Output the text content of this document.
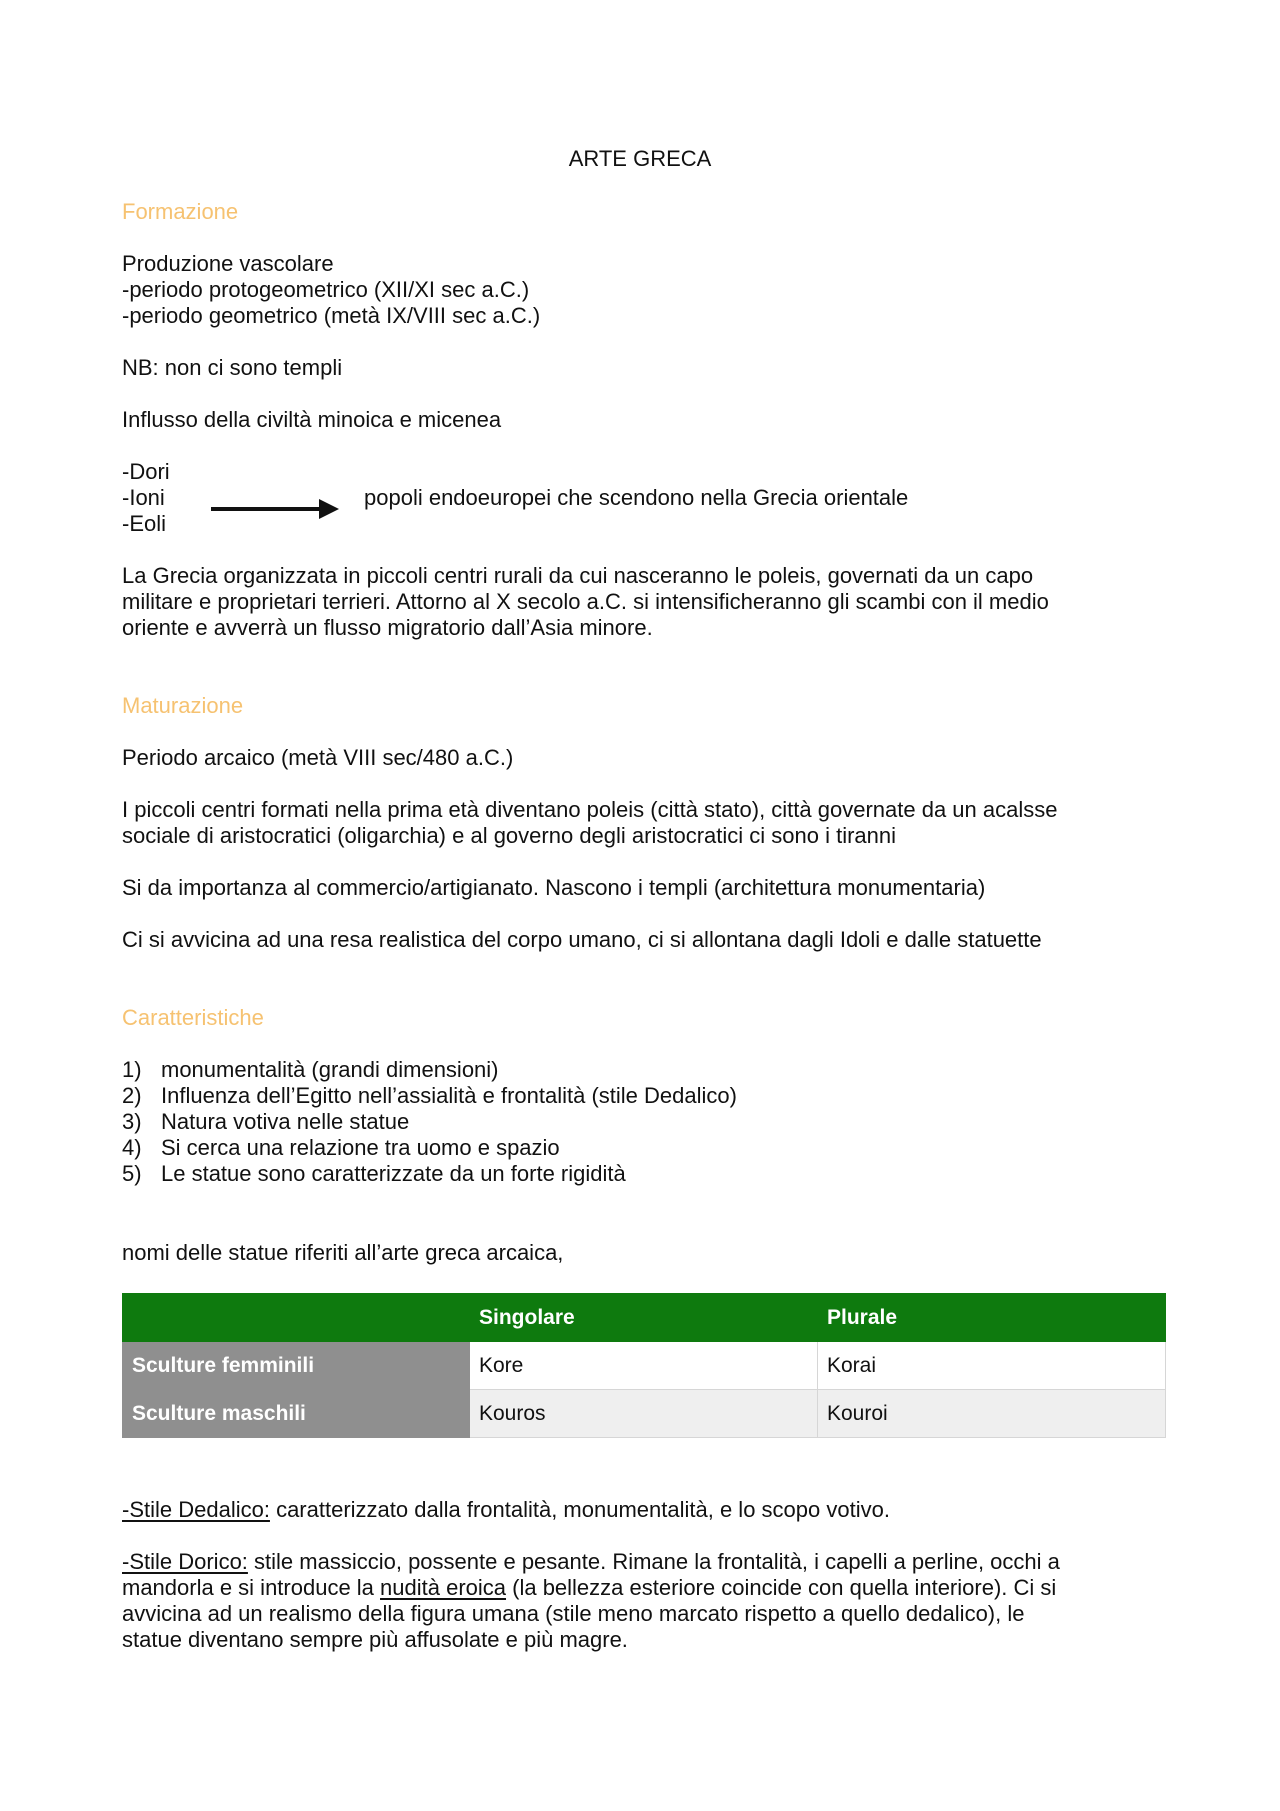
ARTE GRECA
Formazione
Produzione vascolare
-periodo protogeometrico (XII/XI sec a.C.)
-periodo geometrico (metà IX/VIII sec a.C.)
NB: non ci sono templi
Influsso della civiltà minoica e micenea
-Dori
-Ioni
-Eoli
popoli endoeuropei che scendono nella Grecia orientale
La Grecia organizzata in piccoli centri rurali da cui nasceranno le poleis, governati da un capo
militare e proprietari terrieri. Attorno al X secolo a.C. si intensificheranno gli scambi con il medio
oriente e avverrà un flusso migratorio dall’Asia minore.
Maturazione
Periodo arcaico (metà VIII sec/480 a.C.)
I piccoli centri formati nella prima età diventano poleis (città stato), città governate da un acalsse
sociale di aristocratici (oligarchia) e al governo degli aristocratici ci sono i tiranni
Si da importanza al commercio/artigianato. Nascono i templi (architettura monumentaria)
Ci si avvicina ad una resa realistica del corpo umano, ci si allontana dagli Idoli e dalle statuette
Caratteristiche
1) monumentalità (grandi dimensioni)
2) Influenza dell’Egitto nell’assialità e frontalità (stile Dedalico)
3) Natura votiva nelle statue
4) Si cerca una relazione tra uomo e spazio
5) Le statue sono caratterizzate da un forte rigidità
nomi delle statue riferiti all’arte greca arcaica,
	Singolare	Plurale
Sculture femminili	Kore	Korai
Sculture maschili	Kouros	Kouroi
-Stile Dedalico: caratterizzato dalla frontalità, monumentalità, e lo scopo votivo.
-Stile Dorico: stile massiccio, possente e pesante. Rimane la frontalità, i capelli a perline, occhi a
mandorla e si introduce la nudità eroica (la bellezza esteriore coincide con quella interiore). Ci si
avvicina ad un realismo della figura umana (stile meno marcato rispetto a quello dedalico), le
statue diventano sempre più affusolate e più magre.
